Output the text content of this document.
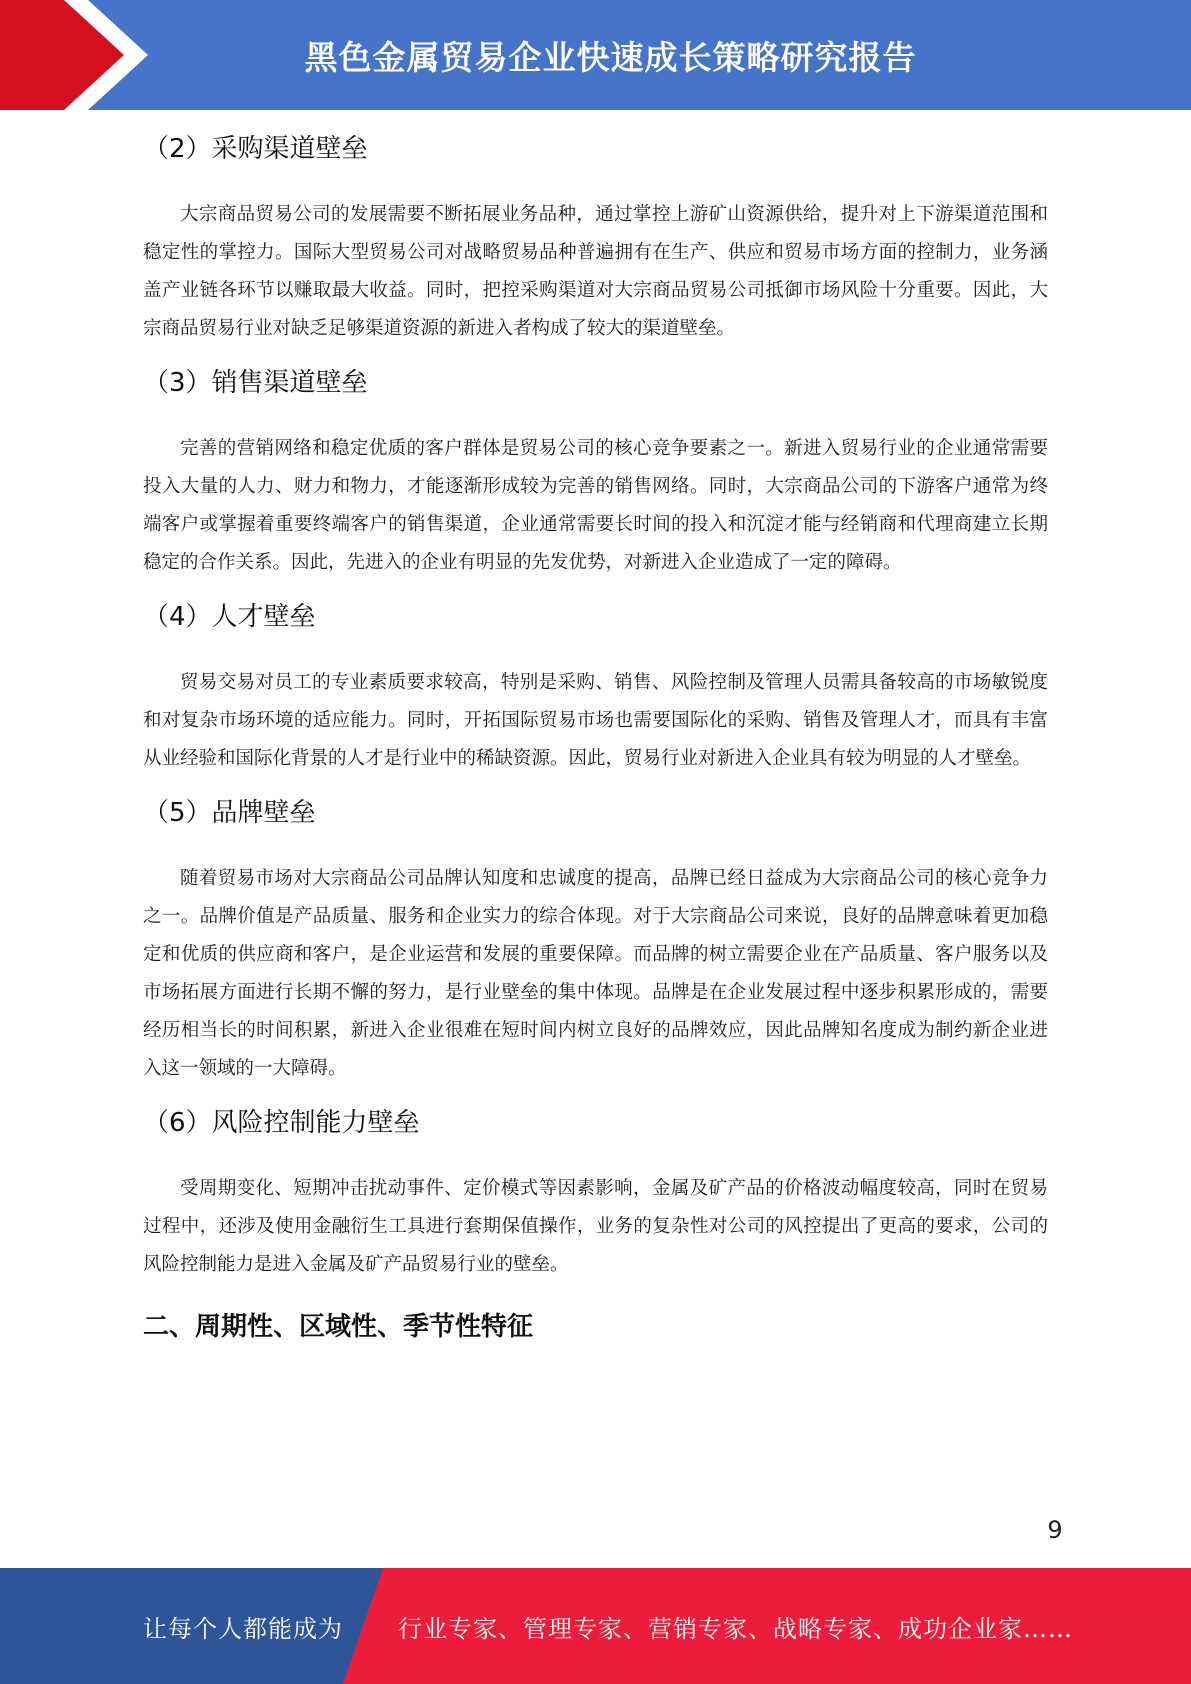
黑色金属贸易企业快速成长策略研究报告
（2）采购渠道壁垒

大宗商品贸易公司的发展需要不断拓展业务品种，通过掌控上游矿山资源供给，提升对上下游渠道范围和稳定性的掌控力。国际大型贸易公司对战略贸易品种普遍拥有在生产、供应和贸易市场方面的控制力，业务涵盖产业链各环节以赚取最大收益。同时，把控采购渠道对大宗商品贸易公司抵御市场风险十分重要。因此，大宗商品贸易行业对缺乏足够渠道资源的新进入者构成了较大的渠道壁垒。

（3）销售渠道壁垒

完善的营销网络和稳定优质的客户群体是贸易公司的核心竞争要素之一。新进入贸易行业的企业通常需要投入大量的人力、财力和物力，才能逐渐形成较为完善的销售网络。同时，大宗商品公司的下游客户通常为终端客户或掌握着重要终端客户的销售渠道，企业通常需要长时间的投入和沉淀才能与经销商和代理商建立长期稳定的合作关系。因此，先进入的企业有明显的先发优势，对新进入企业造成了一定的障碍。

（4）人才壁垒

贸易交易对员工的专业素质要求较高，特别是采购、销售、风险控制及管理人员需具备较高的市场敏锐度和对复杂市场环境的适应能力。同时，开拓国际贸易市场也需要国际化的采购、销售及管理人才，而具有丰富从业经验和国际化背景的人才是行业中的稀缺资源。因此，贸易行业对新进入企业具有较为明显的人才壁垒。

（5）品牌壁垒

随着贸易市场对大宗商品公司品牌认知度和忠诚度的提高，品牌已经日益成为大宗商品公司的核心竞争力之一。品牌价值是产品质量、服务和企业实力的综合体现。对于大宗商品公司来说，良好的品牌意味着更加稳定和优质的供应商和客户，是企业运营和发展的重要保障。而品牌的树立需要企业在产品质量、客户服务以及市场拓展方面进行长期不懈的努力，是行业壁垒的集中体现。品牌是在企业发展过程中逐步积累形成的，需要经历相当长的时间积累，新进入企业很难在短时间内树立良好的品牌效应，因此品牌知名度成为制约新企业进入这一领域的一大障碍。

（6）风险控制能力壁垒

受周期变化、短期冲击扰动事件、定价模式等因素影响，金属及矿产品的价格波动幅度较高，同时在贸易过程中，还涉及使用金融衍生工具进行套期保值操作，业务的复杂性对公司的风控提出了更高的要求，公司的风险控制能力是进入金属及矿产品贸易行业的壁垒。

二、周期性、区域性、季节性特征
9
让每个人都能成为 行业专家、管理专家、营销专家、战略专家、成功企业家……
